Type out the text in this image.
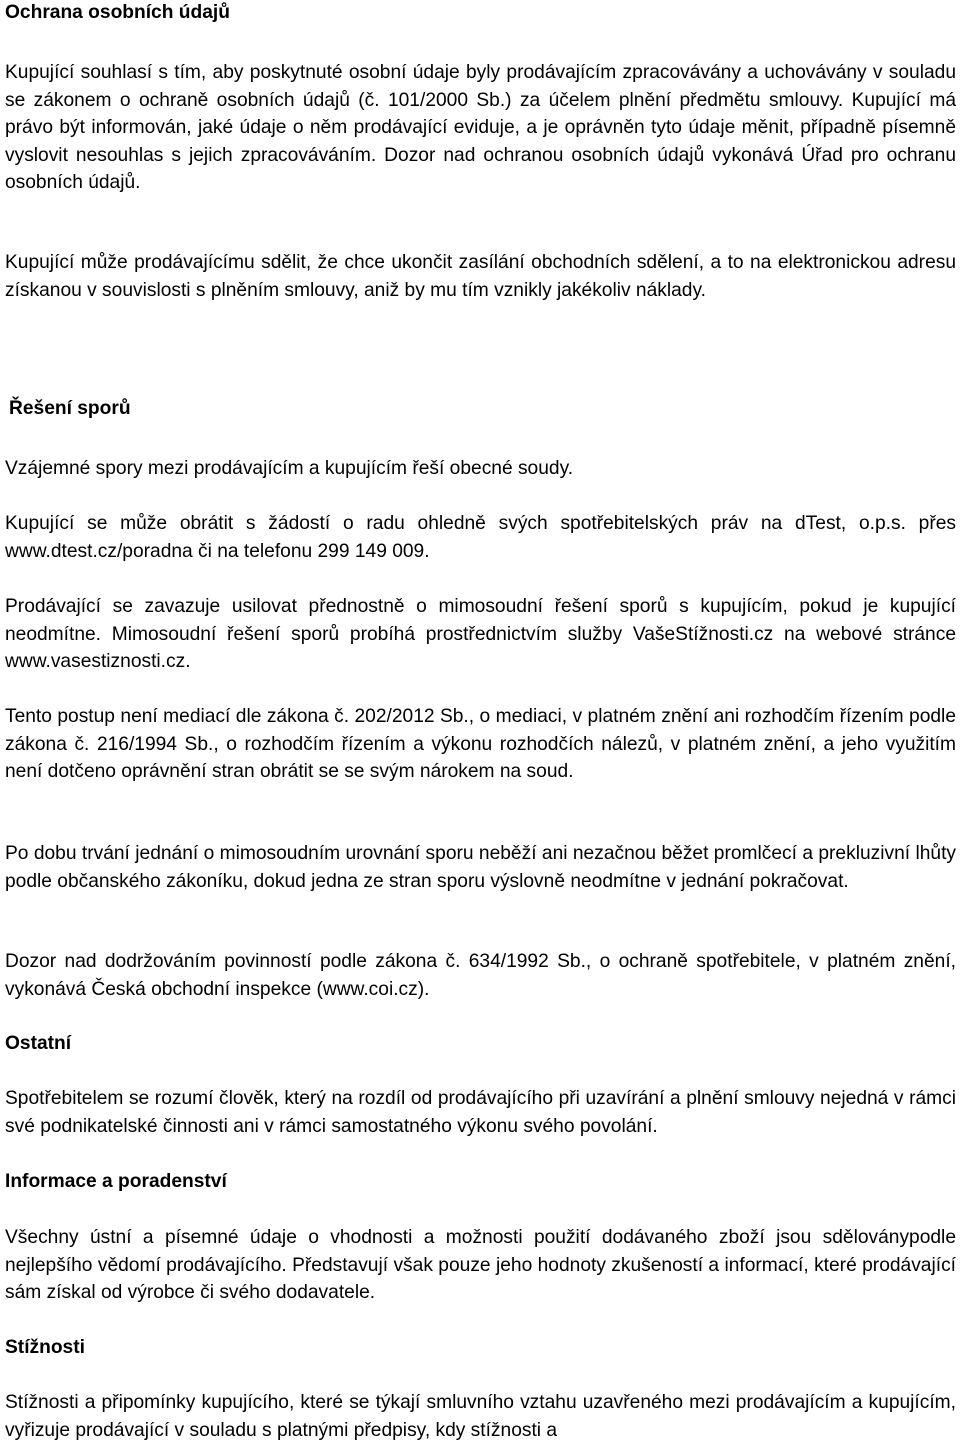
Ochrana osobních údajů

Kupující souhlasí s tím, aby poskytnuté osobní údaje byly prodávajícím zpracovávány a uchovávány v souladu se zákonem o ochraně osobních údajů (č. 101/2000 Sb.) za účelem plnění předmětu smlouvy. Kupující má právo být informován, jaké údaje o něm prodávající eviduje, a je oprávněn tyto údaje měnit, případně písemně vyslovit nesouhlas s jejich zpracováváním. Dozor nad ochranou osobních údajů vykonává Úřad pro ochranu osobních údajů.

Kupující může prodávajícímu sdělit, že chce ukončit zasílání obchodních sdělení, a to na elektronickou adresu získanou v souvislosti s plněním smlouvy, aniž by mu tím vznikly jakékoliv náklady.

Řešení sporů

Vzájemné spory mezi prodávajícím a kupujícím řeší obecné soudy.

Kupující se může obrátit s žádostí o radu ohledně svých spotřebitelských práv na dTest, o.p.s. přes www.dtest.cz/poradna či na telefonu 299 149 009.

Prodávající se zavazuje usilovat přednostně o mimosoudní řešení sporů s kupujícím, pokud je kupující neodmítne. Mimosoudní řešení sporů probíhá prostřednictvím služby VašeStížnosti.cz na webové stránce www.vasestiznosti.cz.

Tento postup není mediací dle zákona č. 202/2012 Sb., o mediaci, v platném znění ani rozhodčím řízením podle zákona č. 216/1994 Sb., o rozhodčím řízením a výkonu rozhodčích nálezů, v platném znění, a jeho využitím není dotčeno oprávnění stran obrátit se se svým nárokem na soud.

Po dobu trvání jednání o mimosoudním urovnání sporu neběží ani nezačnou běžet promlčecí a prekluzivní lhůty podle občanského zákoníku, dokud jedna ze stran sporu výslovně neodmítne v jednání pokračovat.

Dozor nad dodržováním povinností podle zákona č. 634/1992 Sb., o ochraně spotřebitele, v platném znění, vykonává Česká obchodní inspekce (www.coi.cz).

Ostatní

Spotřebitelem se rozumí člověk, který na rozdíl od prodávajícího při uzavírání a plnění smlouvy nejedná v rámci své podnikatelské činnosti ani v rámci samostatného výkonu svého povolání.

Informace a poradenství

Všechny ústní a písemné údaje o vhodnosti a možnosti použití dodávaného zboží jsou sděloványpodle nejlepšího vědomí prodávajícího. Představují však pouze jeho hodnoty zkušeností a informací, které prodávající sám získal od výrobce či svého dodavatele.

Stížnosti

Stížnosti a připomínky kupujícího, které se týkají smluvního vztahu uzavřeného mezi prodávajícím a kupujícím, vyřizuje prodávající v souladu s platnými předpisy, kdy stížnosti a
